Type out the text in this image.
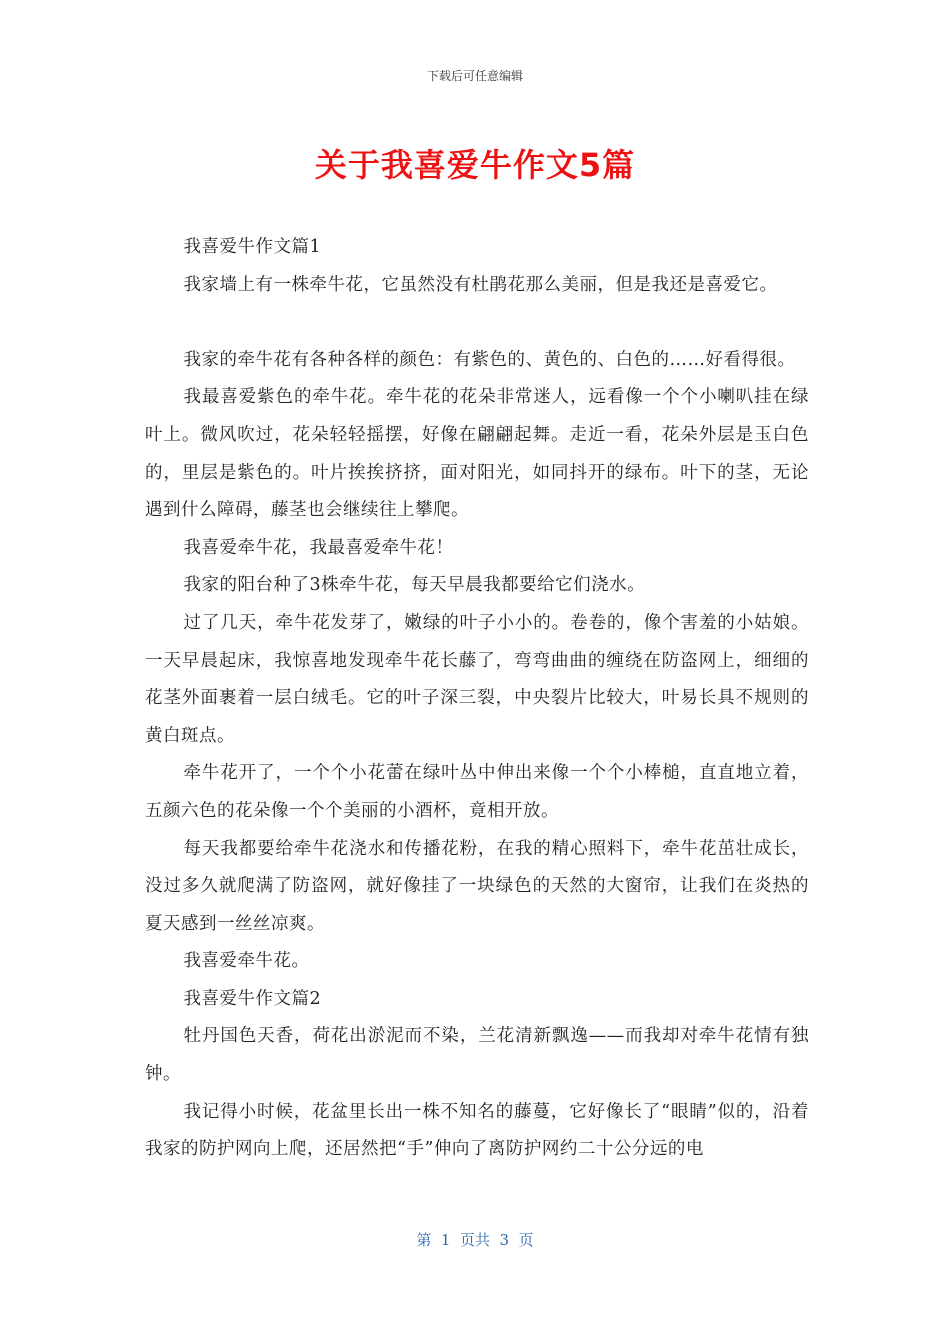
下载后可任意编辑
关于我喜爱牛作文5篇

我喜爱牛作文篇1

我家墙上有一株牵牛花，它虽然没有杜鹃花那么美丽，但是我还是喜爱它。

我家的牵牛花有各种各样的颜色：有紫色的、黄色的、白色的……好看得很。

我最喜爱紫色的牵牛花。牵牛花的花朵非常迷人，远看像一个个小喇叭挂在绿叶上。微风吹过，花朵轻轻摇摆，好像在翩翩起舞。走近一看，花朵外层是玉白色的，里层是紫色的。叶片挨挨挤挤，面对阳光，如同抖开的绿布。叶下的茎，无论遇到什么障碍，藤茎也会继续往上攀爬。

我喜爱牵牛花，我最喜爱牵牛花！

我家的阳台种了3株牵牛花，每天早晨我都要给它们浇水。

过了几天，牵牛花发芽了，嫩绿的叶子小小的。卷卷的，像个害羞的小姑娘。一天早晨起床，我惊喜地发现牵牛花长藤了，弯弯曲曲的缠绕在防盗网上，细细的花茎外面裹着一层白绒毛。它的叶子深三裂，中央裂片比较大，叶易长具不规则的黄白斑点。

牵牛花开了，一个个小花蕾在绿叶丛中伸出来像一个个小棒槌，直直地立着，五颜六色的花朵像一个个美丽的小酒杯，竟相开放。

每天我都要给牵牛花浇水和传播花粉，在我的精心照料下，牵牛花茁壮成长，没过多久就爬满了防盗网，就好像挂了一块绿色的天然的大窗帘，让我们在炎热的夏天感到一丝丝凉爽。

我喜爱牵牛花。

我喜爱牛作文篇2

牡丹国色天香，荷花出淤泥而不染，兰花清新飘逸——而我却对牵牛花情有独钟。

我记得小时候，花盆里长出一株不知名的藤蔓，它好像长了“眼睛”似的，沿着我家的防护网向上爬，还居然把“手”伸向了离防护网约二十公分远的电

第  1  页共  3  页
